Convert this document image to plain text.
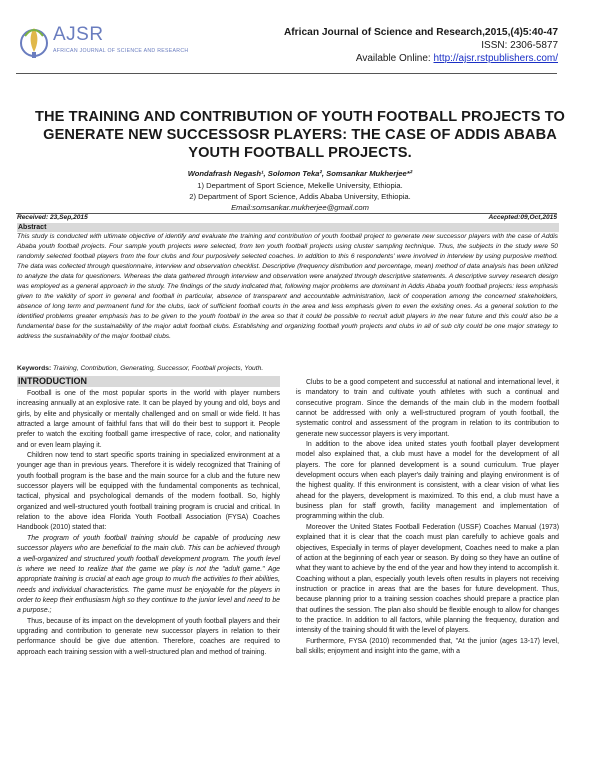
AJSR
AFRICAN JOURNAL OF SCIENCE AND RESEARCH
African Journal of Science and Research,2015,(4)5:40-47
ISSN: 2306-5877
Available Online: http://ajsr.rstpublishers.com/
THE TRAINING AND CONTRIBUTION OF YOUTH FOOTBALL PROJECTS TO GENERATE NEW SUCCESSOSR PLAYERS: THE CASE OF ADDIS ABABA YOUTH FOOTBALL PROJECTS.
Wondafrash Negash¹, Solomon Teka², Somsankar Mukherjee*²
1) Department of Sport Science, Mekelle University, Ethiopia.
2) Department of Sport Science, Addis Ababa University, Ethiopia.
Email:somsankar.mukherjee@gmail.com
Received: 23,Sep,2015	Accepted:09,Oct,2015
Abstract
This study is conducted with ultimate objective of identify and evaluate the training and contribution of youth football project to generate new successor players with the case of Addis Ababa youth football projects. Four sample youth projects were selected, from ten youth football projects using cluster sampling technique. Thus, the subjects in the study were 50 randomly selected football players from the four clubs and four purposively selected coaches. In addition to this 6 respondents' were involved in interview by using purposive method. The data was collected through questionnaire, interview and observation checklist. Descriptive (frequency distribution and percentage, mean) method of data analysis has been utilized to analyze the data for questioners. Whereas the data gathered through interview and observation were analyzed through descriptive statements. A descriptive survey research design was employed as a general approach in the study. The findings of the study indicated that, following major problems are dominant in Addis Ababa youth football projects: less emphasis given to the validity of sport in general and football in particular, absence of transparent and accountable administration, lack of cooperation among the concerned stakeholders, absence of long term and permanent fund for the clubs, lack of sufficient football courts in the area and less emphasis given to even the existing ones. As a general solution to the identified problems greater emphasis has to be given to the youth football in the area so that it could be possible to recruit adult players in the near future and this could also be a fundamental base for the sustainability of the major adult football clubs. Establishing and organizing football youth projects and clubs in all of sub city could be one major strategy to address the sustainability of the major football clubs.
Keywords: Training, Contribution, Generating, Successor, Football projects, Youth.
INTRODUCTION

Football is one of the most popular sports in the world with player numbers increasing annually at an explosive rate. It can be played by young and old, boys and girls, by elite and physically or mentally challenged and on small or wide field. It has attracted a large amount of faithful fans that will do their best to support it. People prefer to watch the exciting football game irrespective of race, color, and nationality and or even learn playing it.

Children now tend to start specific sports training in specialized environment at a younger age than in previous years. Therefore it is widely recognized that Training of youth football program is the base and the main source for a club and the future new successor players will be equipped with the fundamental components as technical, tactical, physical and psychological demands of the modern football. So, highly organized and well-structured youth football training program is crucial and critical. In relation to the above idea Florida Youth Football Association (FYSA) Coaches Handbook (2010) stated that:

The program of youth football training should be capable of producing new successor players who are beneficial to the main club. This can be achieved through a well-organized and structured youth football development program. The youth level is where we need to realize that the game we play is not the "adult game." Age appropriate training is crucial at each age group to much the activities to their abilities, needs and individual characteristics. The game must be enjoyable for the players in order to keep their enthusiasm high so they continue to the junior level and need to be a purpose.;

Thus, because of its impact on the development of youth football players and their upgrading and contribution to generate new successor players in relation to their performance should be give due attention. Therefore, coaches are required to approach each training session with a well-structured plan and method of training.

Clubs to be a good competent and successful at national and international level, it is mandatory to train and cultivate youth athletes with such a continual and consecutive program. Since the demands of the main club in the modern football cannot be addressed with only a well-structured program of youth football, the systematic control and assessment of the program in relation to its contribution to generate new successor players is very important.

In addition to the above idea united states youth football player development model also explained that, a club must have a model for the development of all players. The core for planned development is a sound curriculum. True player development occurs when each player's daily training and playing environment is of the highest quality. If this environment is consistent, with a clear vision of what lies ahead for the players, development is maximized. To this end, a club must have a business plan for staff growth, facility management and implementation of programming within the club.

Moreover the United States Football Federation (USSF) Coaches Manual (1973) explained that it is clear that the coach must plan carefully to achieve goals and objectives, Especially in terms of player development, Coaches need to make a plan of action at the beginning of each year or season. By doing so they have an outline of what they want to achieve by the end of the year and how they intend to accomplish it. Coaching without a plan, especially youth levels often results in players not receiving instruction or practice in areas that are the bases for future development. Thus, because planning prior to a training session coaches should prepare a practice plan that outlines the session. The plan also should be flexible enough to allow for changes to the practice. In addition to all factors, while planning the frequency, duration and intensity of the training should fit with the level of players.

Furthermore, FYSA (2010) recommended that, "At the junior (ages 13-17) level, ball skills; enjoyment and insight into the game, with a
